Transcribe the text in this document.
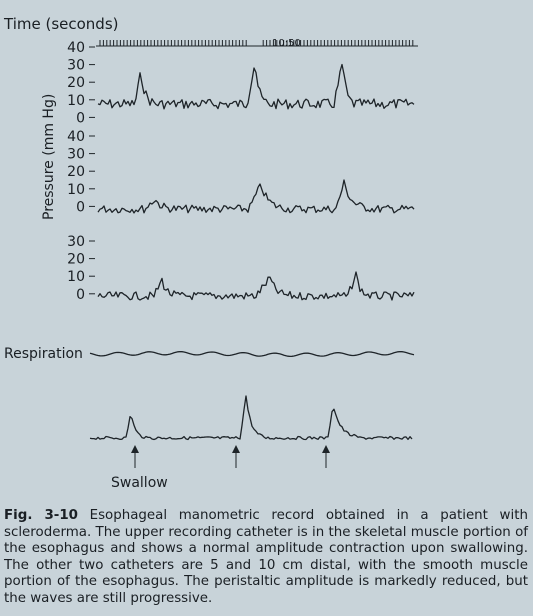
Time (seconds)
10:50
Pressure (mm Hg)
40
30
20
10
0
40
30
20
10
0
30
20
10
0
Respiration
Swallow
Fig. 3-10 Esophageal manometric record obtained in a patient with scleroderma. The upper recording catheter is in the skeletal muscle portion of the esophagus and shows a normal amplitude contraction upon swallowing. The other two catheters are 5 and 10 cm distal, with the smooth muscle portion of the esophagus. The peristaltic amplitude is markedly reduced, but the waves are still progressive.
